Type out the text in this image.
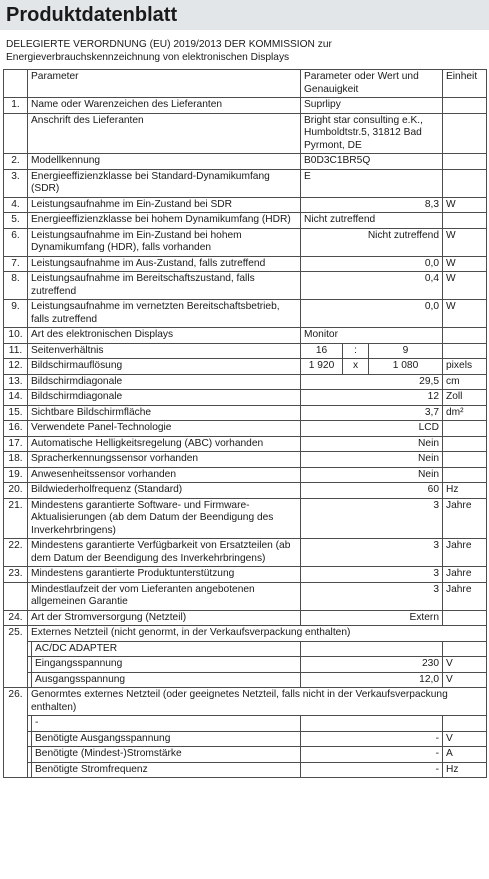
Produktdatenblatt
DELEGIERTE VERORDNUNG (EU) 2019/2013 DER KOMMISSION zur Energieverbrauchskennzeichnung von elektronischen Displays
	Parameter		Parameter oder Wert und Genauigkeit			Einheit
1.	Name oder Warenzeichen des Lieferanten		Suprlipy			
	Anschrift des Lieferanten		Bright star consulting e.K., Humboldtstr.5, 31812 Bad Pyrmont, DE			
2.	Modellkennung		B0D3C1BR5Q			
3.	Energieeffizienzklasse bei Standard-Dynamikumfang (SDR)		E			
4.	Leistungsaufnahme im Ein-Zustand bei SDR		8,3			W
5.	Energieeffizienzklasse bei hohem Dynamikumfang (HDR)		Nicht zutreffend			
6.	Leistungsaufnahme im Ein-Zustand bei hohem Dynamikumfang (HDR), falls vorhanden		Nicht zutreffend			W
7.	Leistungsaufnahme im Aus-Zustand, falls zutreffend		0,0			W
8.	Leistungsaufnahme im Bereitschaftszustand, falls zutreffend		0,4			W
9.	Leistungsaufnahme im vernetzten Bereitschaftsbetrieb, falls zutreffend		0,0			W
10.	Art des elektronischen Displays		Monitor			
11.	Seitenverhältnis		16	:	9	
12.	Bildschirmauflösung		1 920	x	1 080	pixels
13.	Bildschirmdiagonale		29,5			cm
14.	Bildschirmdiagonale		12			Zoll
15.	Sichtbare Bildschirmfläche		3,7			dm²
16.	Verwendete Panel-Technologie		LCD			
17.	Automatische Helligkeitsregelung (ABC) vorhanden		Nein			
18.	Spracherkennungssensor vorhanden		Nein			
19.	Anwesenheitssensor vorhanden		Nein			
20.	Bildwiederholfrequenz (Standard)		60			Hz
21.	Mindestens garantierte Software- und Firmware-Aktualisierungen (ab dem Datum der Beendigung des Inverkehrbringens)		3			Jahre
22.	Mindestens garantierte Verfügbarkeit von Ersatzteilen (ab dem Datum der Beendigung des Inverkehrbringens)		3			Jahre
23.	Mindestens garantierte Produktunterstützung		3			Jahre
	Mindestlaufzeit der vom Lieferanten angebotenen allgemeinen Garantie		3			Jahre
24.	Art der Stromversorgung (Netzteil)		Extern			
25.	Externes Netzteil (nicht genormt, in der Verkaufsverpackung enthalten)					
	AC/DC ADAPTER				
	Eingangsspannung	230			V
	Ausgangsspannung	12,0			V
26.	Genormtes externes Netzteil (oder geeignetes Netzteil, falls nicht in der Verkaufsverpackung enthalten)					
	-				
	Benötigte Ausgangsspannung	-			V
	Benötigte (Mindest-)Stromstärke	-			A
	Benötigte Stromfrequenz	-			Hz
